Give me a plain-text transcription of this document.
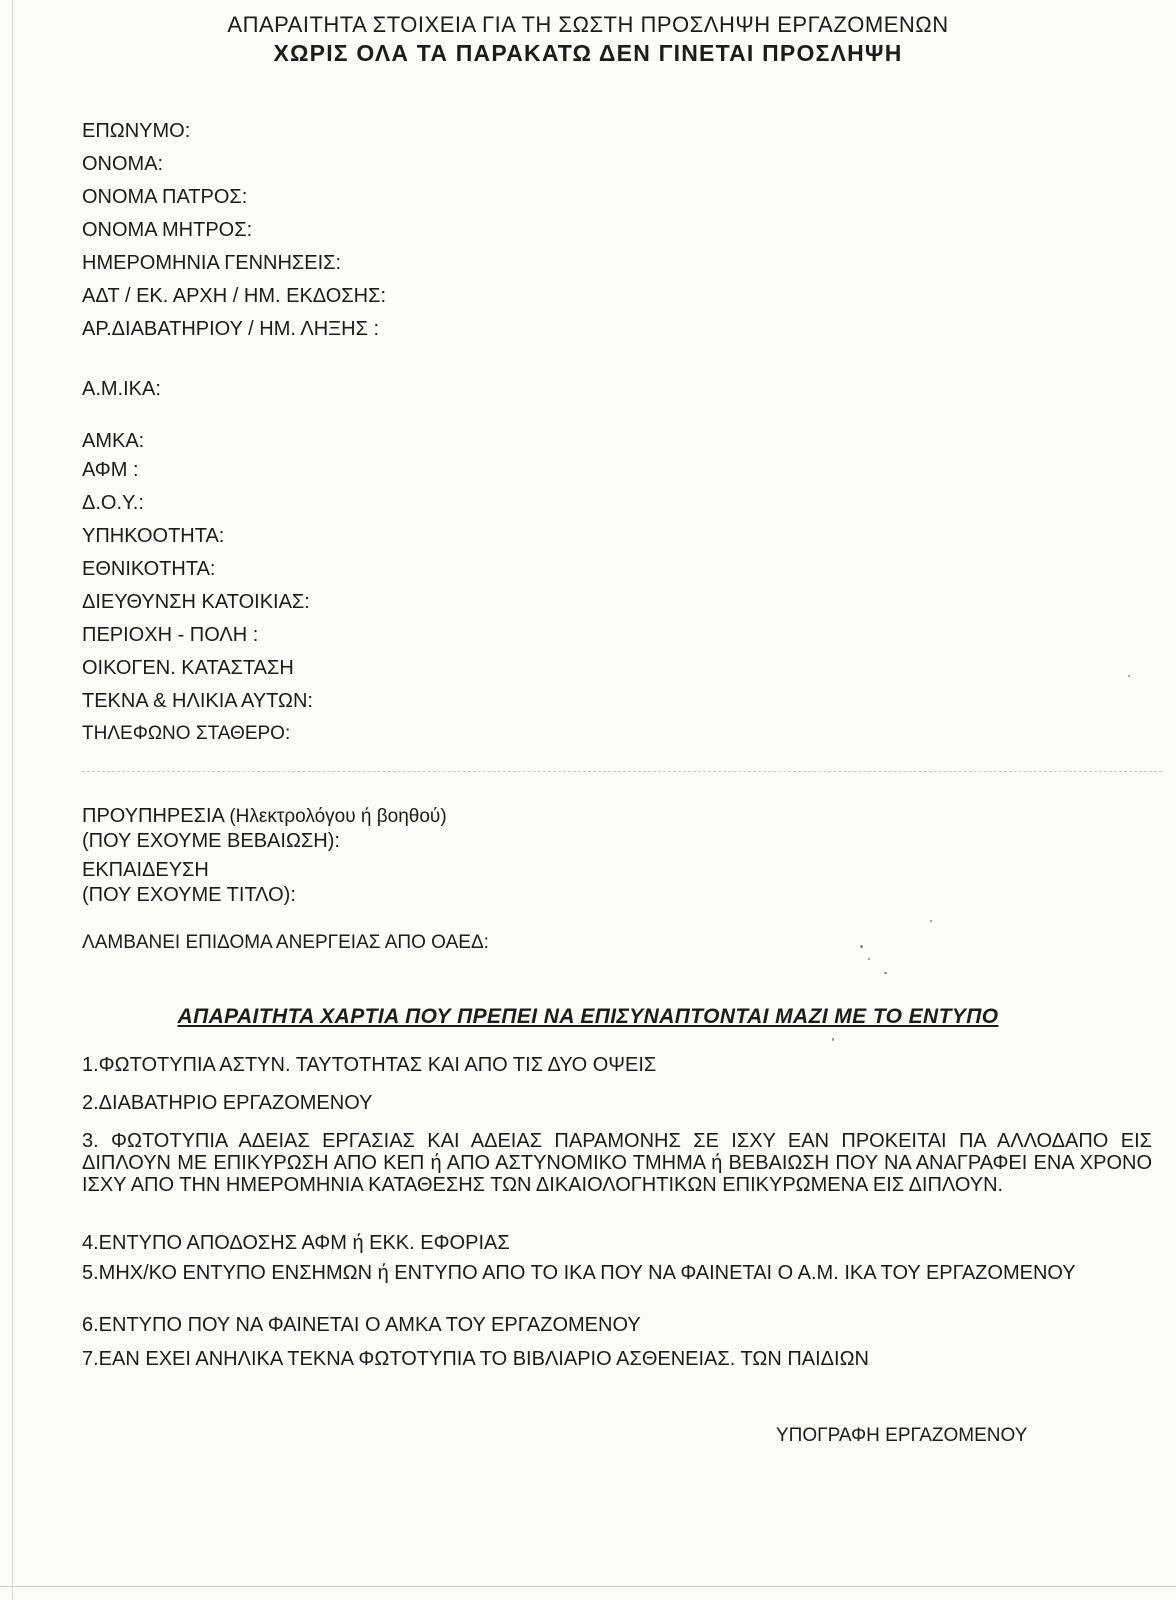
ΑΠΑΡΑΙΤΗΤΑ ΣΤΟΙΧΕΙΑ ΓΙΑ ΤΗ ΣΩΣΤΗ ΠΡΟΣΛΗΨΗ ΕΡΓΑΖΟΜΕΝΩΝ
ΧΩΡΙΣ ΟΛΑ ΤΑ ΠΑΡΑΚΑΤΩ ΔΕΝ ΓΙΝΕΤΑΙ ΠΡΟΣΛΗΨΗ
ΕΠΩΝΥΜΟ:
ΟΝΟΜΑ:
ΟΝΟΜΑ ΠΑΤΡΟΣ:
ΟΝΟΜΑ ΜΗΤΡΟΣ:
ΗΜΕΡΟΜΗΝΙΑ ΓΕΝΝΗΣΕΙΣ:
ΑΔΤ / ΕΚ. ΑΡΧΗ / ΗΜ. ΕΚΔΟΣΗΣ:
ΑΡ.ΔΙΑΒΑΤΗΡΙΟΥ / ΗΜ. ΛΗΞΗΣ :
Α.Μ.ΙΚΑ:
ΑΜΚΑ:
ΑΦΜ :
Δ.Ο.Υ.:
ΥΠΗΚΟΟΤΗΤΑ:
ΕΘΝΙΚΟΤΗΤΑ:
ΔΙΕΥΘΥΝΣΗ ΚΑΤΟΙΚΙΑΣ:
ΠΕΡΙΟΧΗ - ΠΟΛΗ :
ΟΙΚΟΓΕΝ. ΚΑΤΑΣΤΑΣΗ
ΤΕΚΝΑ & ΗΛΙΚΙΑ ΑΥΤΩΝ:
ΤΗΛΕΦΩΝΟ ΣΤΑΘΕΡΟ:
ΠΡΟΥΠΗΡΕΣΙΑ (Ηλεκτρολόγου ή βοηθού)
(ΠΟΥ ΕΧΟΥΜΕ ΒΕΒΑΙΩΣΗ):
ΕΚΠΑΙΔΕΥΣΗ
(ΠΟΥ ΕΧΟΥΜΕ ΤΙΤΛΟ):
ΛΑΜΒΑΝΕΙ ΕΠΙΔΟΜΑ ΑΝΕΡΓΕΙΑΣ ΑΠΟ ΟΑΕΔ:
ΑΠΑΡΑΙΤΗΤΑ ΧΑΡΤΙΑ ΠΟΥ ΠΡΕΠΕΙ ΝΑ ΕΠΙΣΥΝΑΠΤΟΝΤΑΙ ΜΑΖΙ ΜΕ ΤΟ ΕΝΤΥΠΟ
1.ΦΩΤΟΤΥΠΙΑ ΑΣΤΥΝ. ΤΑΥΤΟΤΗΤΑΣ ΚΑΙ ΑΠΟ ΤΙΣ ΔΥΟ ΟΨΕΙΣ
2.ΔΙΑΒΑΤΗΡΙΟ ΕΡΓΑΖΟΜΕΝΟΥ
3. ΦΩΤΟΤΥΠΙΑ ΑΔΕΙΑΣ ΕΡΓΑΣΙΑΣ ΚΑΙ ΑΔΕΙΑΣ ΠΑΡΑΜΟΝΗΣ ΣΕ ΙΣΧΥ ΕΑΝ ΠΡΟΚΕΙΤΑΙ ΠΑ ΑΛΛΟΔΑΠΟ ΕΙΣ ΔΙΠΛΟΥΝ ΜΕ ΕΠΙΚΥΡΩΣΗ ΑΠΟ ΚΕΠ ή ΑΠΟ ΑΣΤΥΝΟΜΙΚΟ ΤΜΗΜΑ ή ΒΕΒΑΙΩΣΗ ΠΟΥ ΝΑ ΑΝΑΓΡΑΦΕΙ ΕΝΑ ΧΡΟΝΟ ΙΣΧΥ ΑΠΟ ΤΗΝ ΗΜΕΡΟΜΗΝΙΑ ΚΑΤΑΘΕΣΗΣ ΤΩΝ ΔΙΚΑΙΟΛΟΓΗΤΙΚΩΝ ΕΠΙΚΥΡΩΜΕΝΑ ΕΙΣ ΔΙΠΛΟΥΝ.
4.ΕΝΤΥΠΟ ΑΠΟΔΟΣΗΣ ΑΦΜ ή ΕΚΚ. ΕΦΟΡΙΑΣ
5.ΜΗΧ/ΚΟ ΕΝΤΥΠΟ ΕΝΣΗΜΩΝ ή ΕΝΤΥΠΟ ΑΠΟ ΤΟ ΙΚΑ ΠΟΥ ΝΑ ΦΑΙΝΕΤΑΙ Ο Α.Μ. ΙΚΑ ΤΟΥ ΕΡΓΑΖΟΜΕΝΟΥ
6.ΕΝΤΥΠΟ ΠΟΥ ΝΑ ΦΑΙΝΕΤΑΙ Ο ΑΜΚΑ ΤΟΥ ΕΡΓΑΖΟΜΕΝΟΥ
7.ΕΑΝ ΕΧΕΙ ΑΝΗΛΙΚΑ ΤΕΚΝΑ ΦΩΤΟΤΥΠΙΑ ΤΟ ΒΙΒΛΙΑΡΙΟ ΑΣΘΕΝΕΙΑΣ. ΤΩΝ ΠΑΙΔΙΩΝ
ΥΠΟΓΡΑΦΗ ΕΡΓΑΖΟΜΕΝΟΥ
